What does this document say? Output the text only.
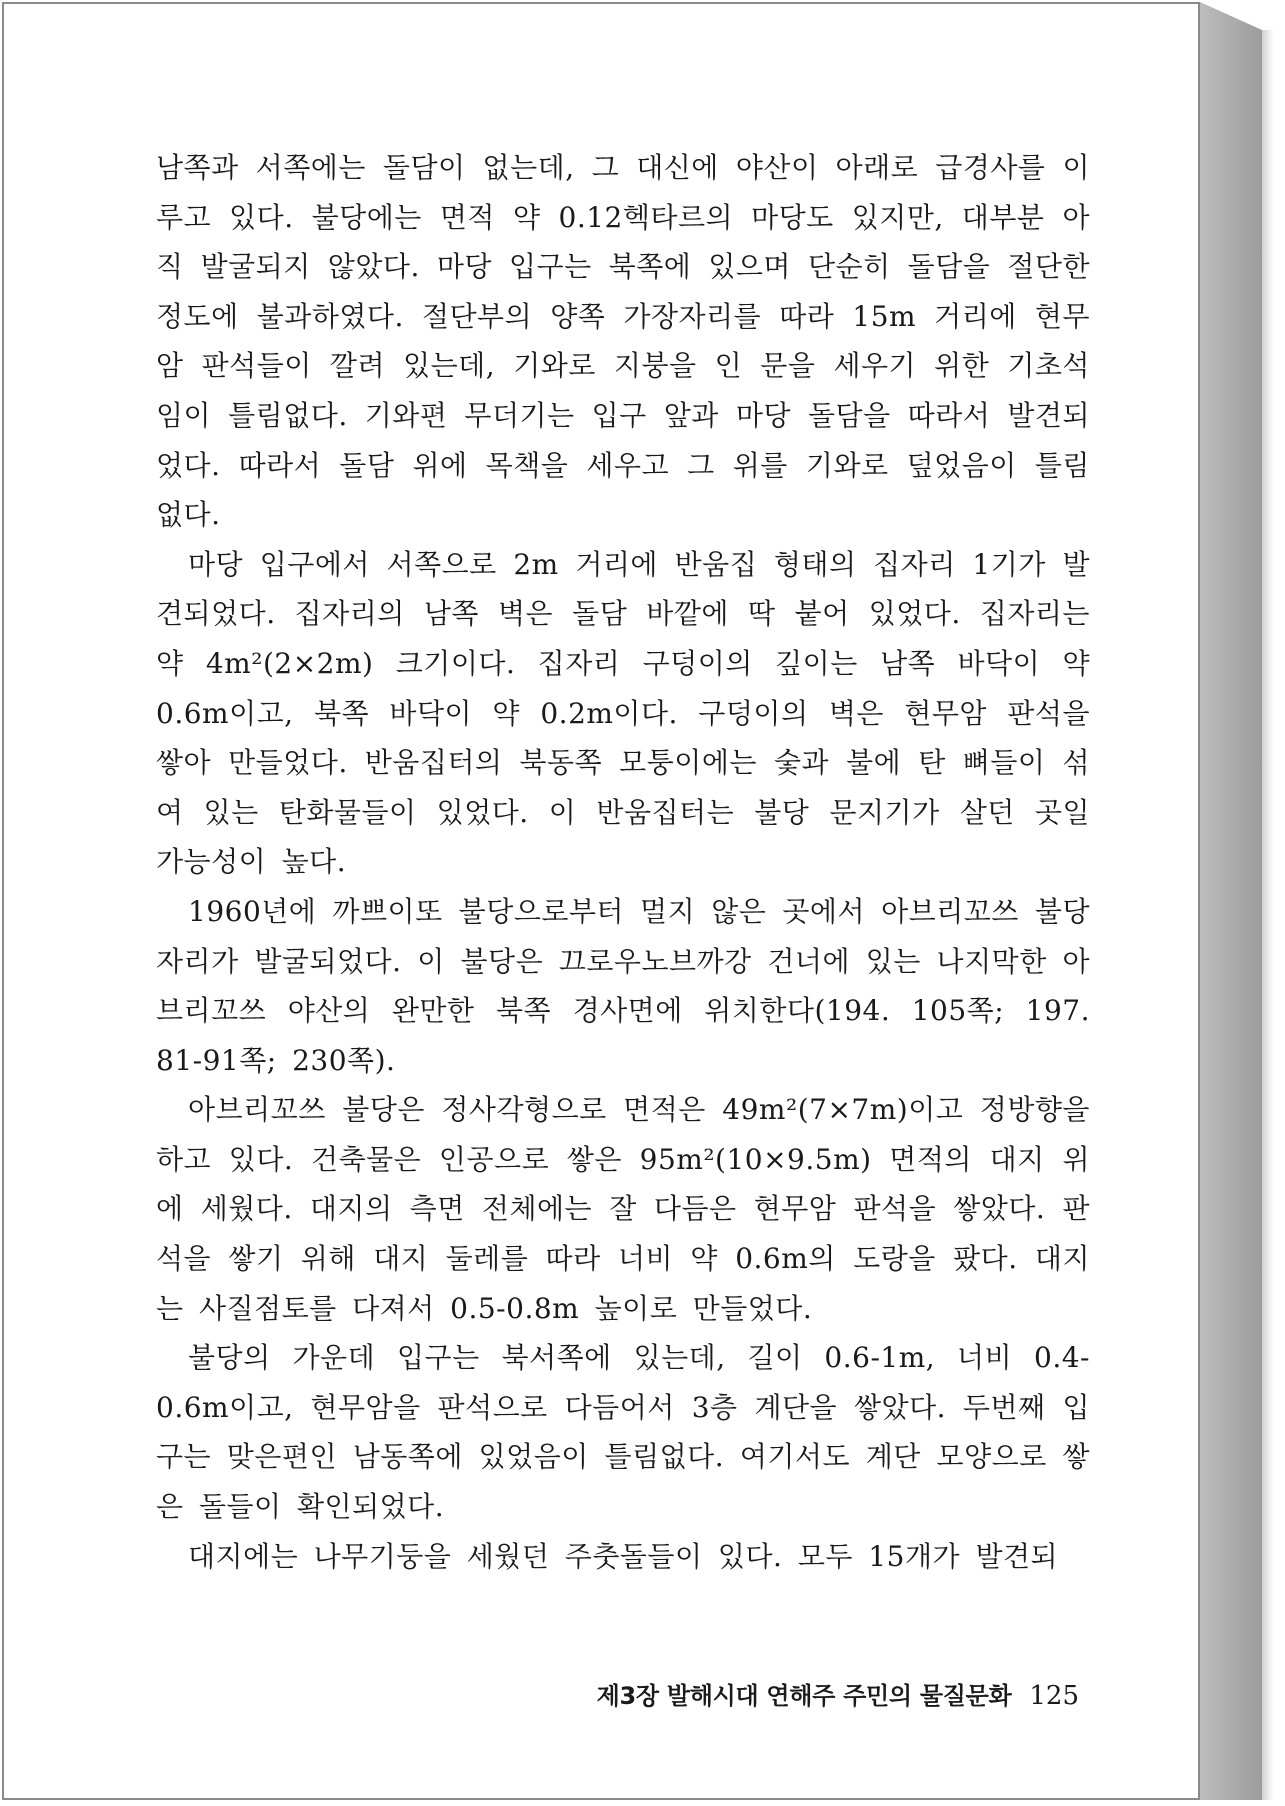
남쪽과 서쪽에는 돌담이 없는데, 그 대신에 야산이 아래로 급경사를 이루고 있다. 불당에는 면적 약 0.12헥타르의 마당도 있지만, 대부분 아직 발굴되지 않았다. 마당 입구는 북쪽에 있으며 단순히 돌담을 절단한 정도에 불과하였다. 절단부의 양쪽 가장자리를 따라 15m 거리에 현무암 판석들이 깔려 있는데, 기와로 지붕을 인 문을 세우기 위한 기초석임이 틀림없다. 기와편 무더기는 입구 앞과 마당 돌담을 따라서 발견되었다. 따라서 돌담 위에 목책을 세우고 그 위를 기와로 덮었음이 틀림없다.

마당 입구에서 서쪽으로 2m 거리에 반움집 형태의 집자리 1기가 발견되었다. 집자리의 남쪽 벽은 돌담 바깥에 딱 붙어 있었다. 집자리는 약 4m²(2×2m) 크기이다. 집자리 구덩이의 깊이는 남쪽 바닥이 약 0.6m이고, 북쪽 바닥이 약 0.2m이다. 구덩이의 벽은 현무암 판석을 쌓아 만들었다. 반움집터의 북동쪽 모퉁이에는 숯과 불에 탄 뼈들이 섞여 있는 탄화물들이 있었다. 이 반움집터는 불당 문지기가 살던 곳일 가능성이 높다.

1960년에 까쁘이또 불당으로부터 멀지 않은 곳에서 아브리꼬쓰 불당자리가 발굴되었다. 이 불당은 끄로우노브까강 건너에 있는 나지막한 아브리꼬쓰 야산의 완만한 북쪽 경사면에 위치한다(194. 105쪽; 197. 81-91쪽; 230쪽).

아브리꼬쓰 불당은 정사각형으로 면적은 49m²(7×7m)이고 정방향을 하고 있다. 건축물은 인공으로 쌓은 95m²(10×9.5m) 면적의 대지 위에 세웠다. 대지의 측면 전체에는 잘 다듬은 현무암 판석을 쌓았다. 판석을 쌓기 위해 대지 둘레를 따라 너비 약 0.6m의 도랑을 팠다. 대지는 사질점토를 다져서 0.5-0.8m 높이로 만들었다.

불당의 가운데 입구는 북서쪽에 있는데, 길이 0.6-1m, 너비 0.4-0.6m이고, 현무암을 판석으로 다듬어서 3층 계단을 쌓았다. 두번째 입구는 맞은편인 남동쪽에 있었음이 틀림없다. 여기서도 계단 모양으로 쌓은 돌들이 확인되었다.

대지에는 나무기둥을 세웠던 주춧돌들이 있다. 모두 15개가 발견되

제3장 발해시대 연해주 주민의 물질문화 125
